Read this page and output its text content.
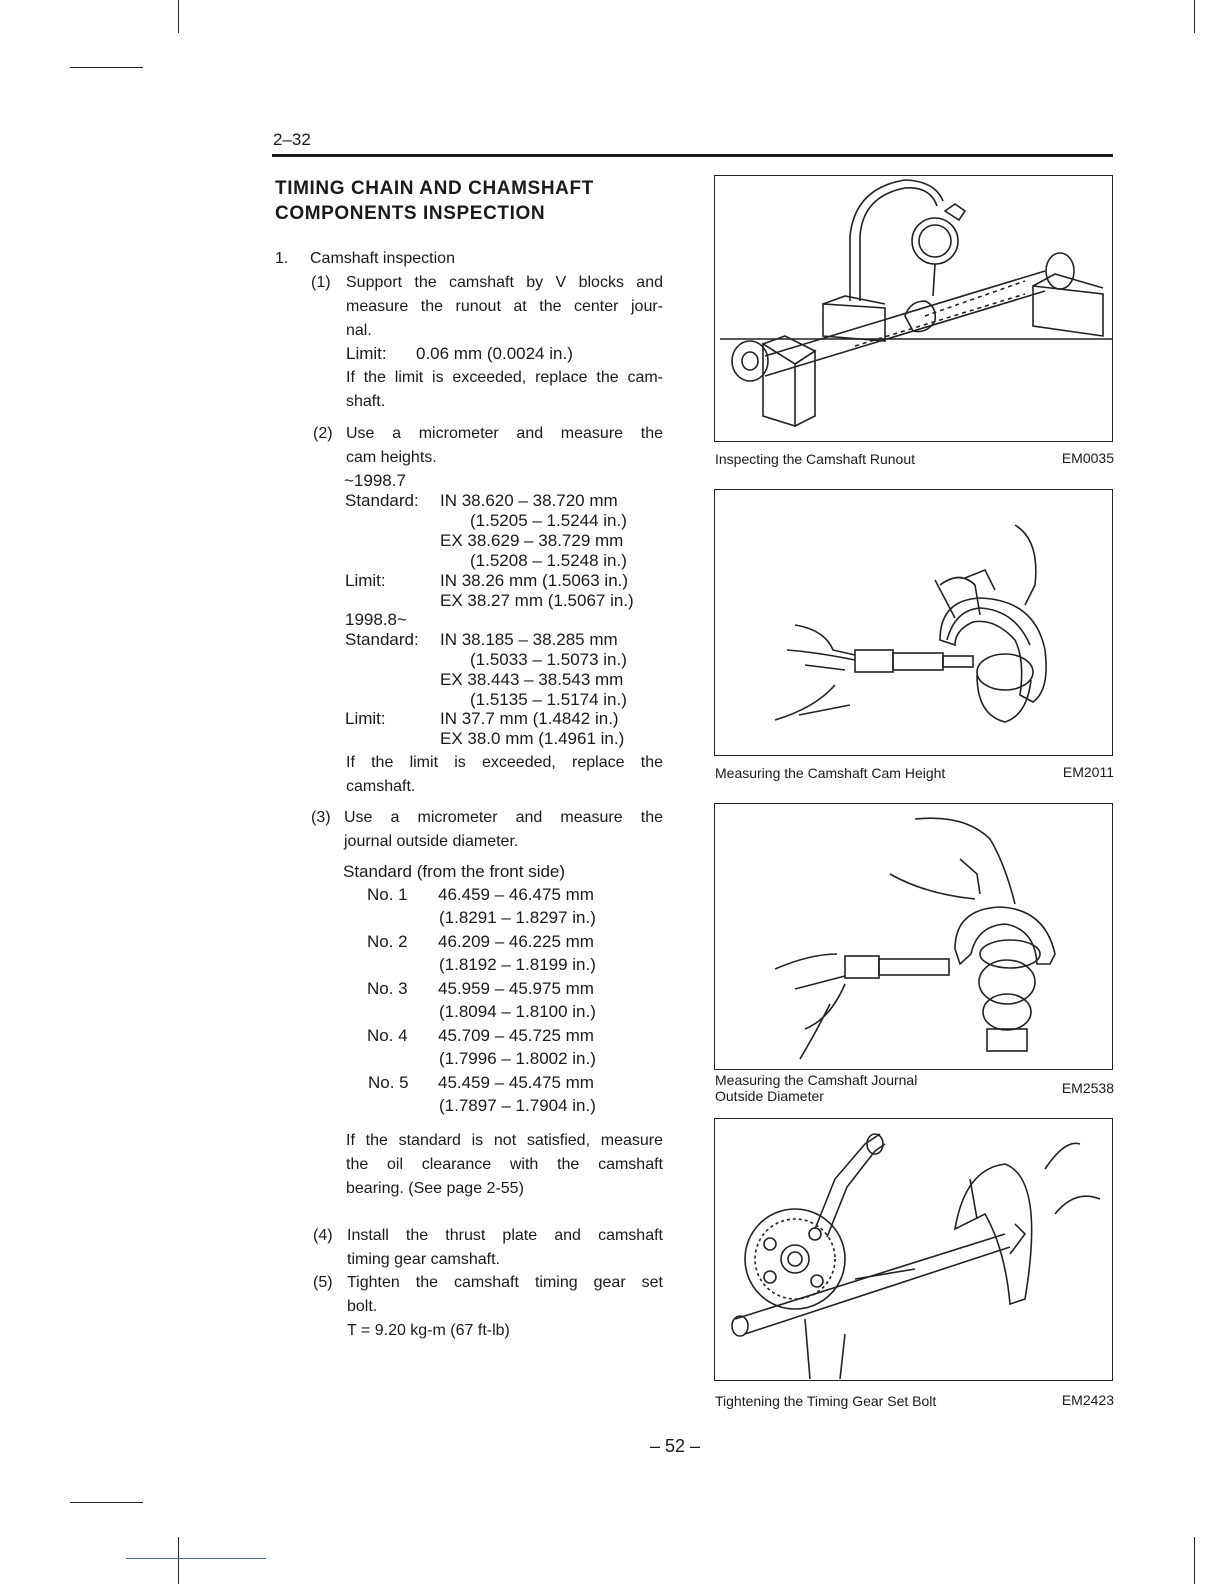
2–32
TIMING CHAIN AND CHAMSHAFT
COMPONENTS INSPECTION
1. Camshaft inspection
(1) Support the camshaft by V blocks and
measure the runout at the center jour-
nal.
Limit: 0.06 mm (0.0024 in.)
If the limit is exceeded, replace the cam-
shaft.
(2) Use a micrometer and measure the
cam heights.
~1998.7
Standard: IN 38.620 – 38.720 mm
(1.5205 – 1.5244 in.)
EX 38.629 – 38.729 mm
(1.5208 – 1.5248 in.)
Limit:	IN 38.26 mm (1.5063 in.)
EX 38.27 mm (1.5067 in.)
1998.8~
Standard: IN 38.185 – 38.285 mm
(1.5033 – 1.5073 in.)
EX 38.443 – 38.543 mm
(1.5135 – 1.5174 in.)
Limit:	IN 37.7 mm (1.4842 in.)
EX 38.0 mm (1.4961 in.)
If the limit is exceeded, replace the
camshaft.
(3) Use a micrometer and measure the
journal outside diameter.
Standard (from the front side)
No. 1 46.459 – 46.475 mm
(1.8291 – 1.8297 in.)
No. 2 46.209 – 46.225 mm
(1.8192 – 1.8199 in.)
No. 3 45.959 – 45.975 mm
(1.8094 – 1.8100 in.)
No. 4 45.709 – 45.725 mm
(1.7996 – 1.8002 in.)
No. 5 45.459 – 45.475 mm
(1.7897 – 1.7904 in.)
If the standard is not satisfied, measure
the oil clearance with the camshaft
bearing. (See page 2-55)
(4) Install the thrust plate and camshaft
timing gear camshaft.
(5) Tighten the camshaft timing gear set
bolt.
T = 9.20 kg-m (67 ft-lb)
Inspecting the Camshaft Runout	EM0035
Measuring the Camshaft Cam Height	EM2011
Measuring the Camshaft Journal
Outside Diameter	EM2538
Tightening the Timing Gear Set Bolt	EM2423
– 52 –
